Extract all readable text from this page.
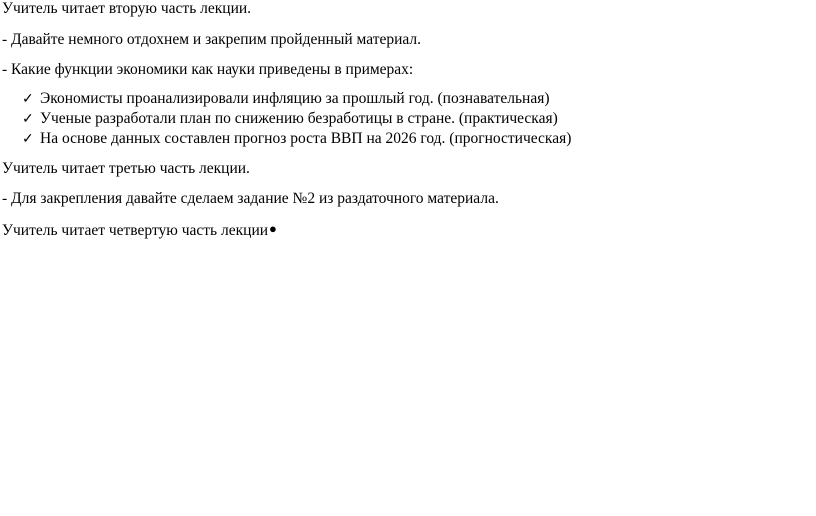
Учитель читает вторую часть лекции.
- Давайте немного отдохнем и закрепим пройденный материал.
- Какие функции экономики как науки приведены в примерах:
✓ Экономисты проанализировали инфляцию за прошлый год. (познавательная)
✓ Ученые разработали план по снижению безработицы в стране. (практическая)
✓ На основе данных составлен прогноз роста ВВП на 2026 год. (прогностическая)
Учитель читает третью часть лекции.
- Для закрепления давайте сделаем задание №2 из раздаточного материала.
Учитель читает четвертую часть лекции●
